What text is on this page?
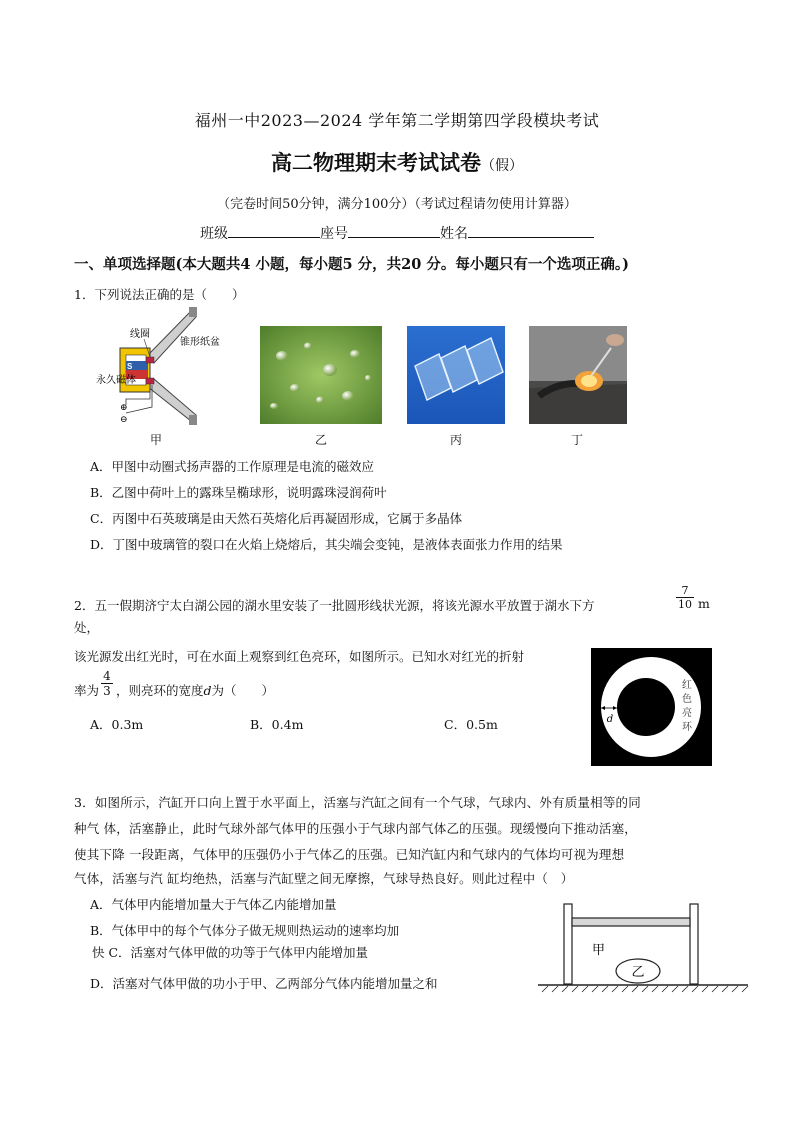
福州一中2023—2024 学年第二学期第四学段模块考试
高二物理期末考试试卷（假）
（完卷时间50分钟，满分100分）（考试过程请勿使用计算器）
班级	座号	姓名
一、单项选择题(本大题共4 小题，每小题5 分，共20 分。每小题只有一个选项正确。)
1．下列说法正确的是（　　）
S
⊕
⊖
线圈
锥形纸盆
永久磁体
甲	乙	丙	丁
A．甲图中动圈式扬声器的工作原理是电流的磁效应
B．乙图中荷叶上的露珠呈椭球形，说明露珠浸润荷叶
C．丙图中石英玻璃是由天然石英熔化后再凝固形成，它属于多晶体
D．丁图中玻璃管的裂口在火焰上烧熔后，其尖端会变钝，是液体表面张力作用的结果
2．五一假期济宁太白湖公园的湖水里安装了一批圆形线状光源，将该光源水平放置于湖水下方	$\frac{7}{10}$ m
处，
该光源发出红光时，可在水面上观察到红色亮环，如图所示。已知水对红光的折射
率为 $\frac{4}{3}$ ，则亮环的宽度d为（　　）
A．0.3m	B．0.4m	C．0.5m	d
红
色
亮
环
3．如图所示，汽缸开口向上置于水平面上，活塞与汽缸之间有一个气球，气球内、外有质量相等的同
种气 体，活塞静止，此时气球外部气体甲的压强小于气球内部气体乙的压强。现缓慢向下推动活塞，
使其下降 一段距离，气体甲的压强仍小于气体乙的压强。已知汽缸内和气球内的气体均可视为理想
气体，活塞与汽 缸均绝热，活塞与汽缸壁之间无摩擦，气球导热良好。则此过程中（　）
A．气体甲内能增加量大于气体乙内能增加量
B．气体甲中的每个气体分子做无规则热运动的速率均加
快 C．活塞对气体甲做的功等于气体甲内能增加量
D．活塞对气体甲做的功小于甲、乙两部分气体内能增加量之和
乙
甲
